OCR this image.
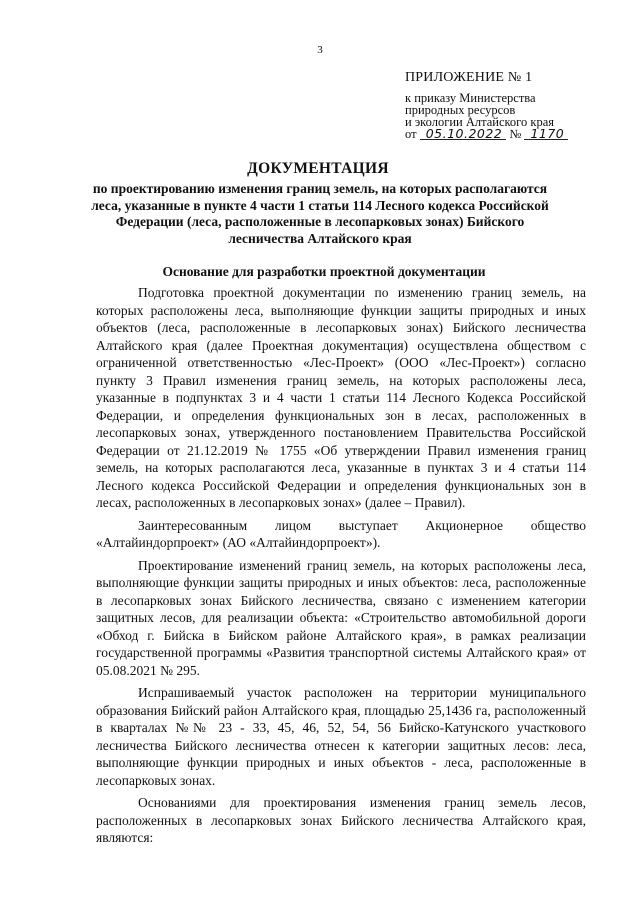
3
ПРИЛОЖЕНИЕ № 1
к приказу Министерства
природных ресурсов
и экологии Алтайского края
от 05.10.2022 № 1170
ДОКУМЕНТАЦИЯ
по проектированию изменения границ земель, на которых располагаются леса, указанные в пункте 4 части 1 статьи 114 Лесного кодекса Российской Федерации (леса, расположенные в лесопарковых зонах) Бийского лесничества Алтайского края
Основание для разработки проектной документации

Подготовка проектной документации по изменению границ земель, на которых расположены леса, выполняющие функции защиты природных и иных объектов (леса, расположенные в лесопарковых зонах) Бийского лесничества Алтайского края (далее Проектная документация) осуществлена обществом с ограниченной ответственностью «Лес-Проект» (ООО «Лес-Проект») согласно пункту 3 Правил изменения границ земель, на которых расположены леса, указанные в подпунктах 3 и 4 части 1 статьи 114 Лесного Кодекса Российской Федерации, и определения функциональных зон в лесах, расположенных в лесопарковых зонах, утвержденного постановлением Правительства Российской Федерации от 21.12.2019 № 1755 «Об утверждении Правил изменения границ земель, на которых располагаются леса, указанные в пунктах 3 и 4 статьи 114 Лесного кодекса Российской Федерации и определения функциональных зон в лесах, расположенных в лесопарковых зонах» (далее – Правил).

Заинтересованным лицом выступает Акционерное общество «Алтайиндорпроект» (АО «Алтайиндорпроект»).

Проектирование изменений границ земель, на которых расположены леса, выполняющие функции защиты природных и иных объектов: леса, расположенные в лесопарковых зонах Бийского лесничества, связано с изменением категории защитных лесов, для реализации объекта: «Строительство автомобильной дороги «Обход г. Бийска в Бийском районе Алтайского края», в рамках реализации государственной программы «Развития транспортной системы Алтайского края» от 05.08.2021 № 295.

Испрашиваемый участок расположен на территории муниципального образования Бийский район Алтайского края, площадью 25,1436 га, расположенный в кварталах №№ 23 - 33, 45, 46, 52, 54, 56 Бийско-Катунского участкового лесничества Бийского лесничества отнесен к категории защитных лесов: леса, выполняющие функции природных и иных объектов - леса, расположенные в лесопарковых зонах.

Основаниями для проектирования изменения границ земель лесов, расположенных в лесопарковых зонах Бийского лесничества Алтайского края, являются:
